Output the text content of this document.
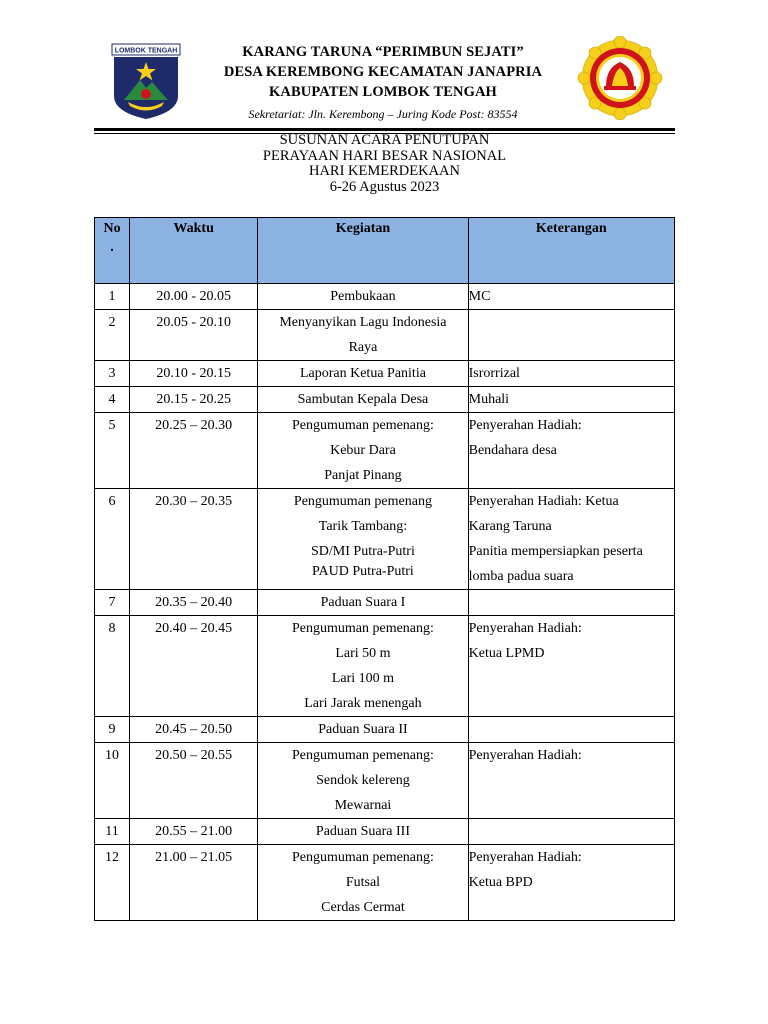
LOMBOK TENGAH	KARANG TARUNA “PERIMBUN SEJATI”
DESA KEREMBONG KECAMATAN JANAPRIA
KABUPATEN LOMBOK TENGAH
Sekretariat: Jln. Kerembong – Juring Kode Post: 83554
SUSUNAN ACARA PENUTUPAN
PERAYAAN HARI BESAR NASIONAL
HARI KEMERDEKAAN
6-26 Agustus 2023
No
.	Waktu	Kegiatan	Keterangan
1	20.00 - 20.05	Pembukaan	MC

2	20.05 - 20.10	Menyanyikan Lagu Indonesia
Raya	

3	20.10 - 20.15	Laporan Ketua Panitia	Isrorrizal

4	20.15 - 20.25	Sambutan Kepala Desa	Muhali

5	20.25 – 20.30	Pengumuman pemenang:
Kebur Dara
Panjat Pinang	Penyerahan Hadiah:
Bendahara desa

6	20.30 – 20.35	Pengumuman pemenang
Tarik Tambang:
SD/MI Putra-Putri
PAUD Putra-Putri	Penyerahan Hadiah: Ketua
Karang Taruna
Panitia mempersiapkan peserta
lomba padua suara

7	20.35 – 20.40	Paduan Suara I	

8	20.40 – 20.45	Pengumuman pemenang:
Lari 50 m
Lari 100 m
Lari Jarak menengah	Penyerahan Hadiah:
Ketua LPMD

9	20.45 – 20.50	Paduan Suara II	

10	20.50 – 20.55	Pengumuman pemenang:
Sendok kelereng
Mewarnai	Penyerahan Hadiah:

11	20.55 – 21.00	Paduan Suara III	

12	21.00 – 21.05	Pengumuman pemenang:
Futsal
Cerdas Cermat	Penyerahan Hadiah:
Ketua BPD
